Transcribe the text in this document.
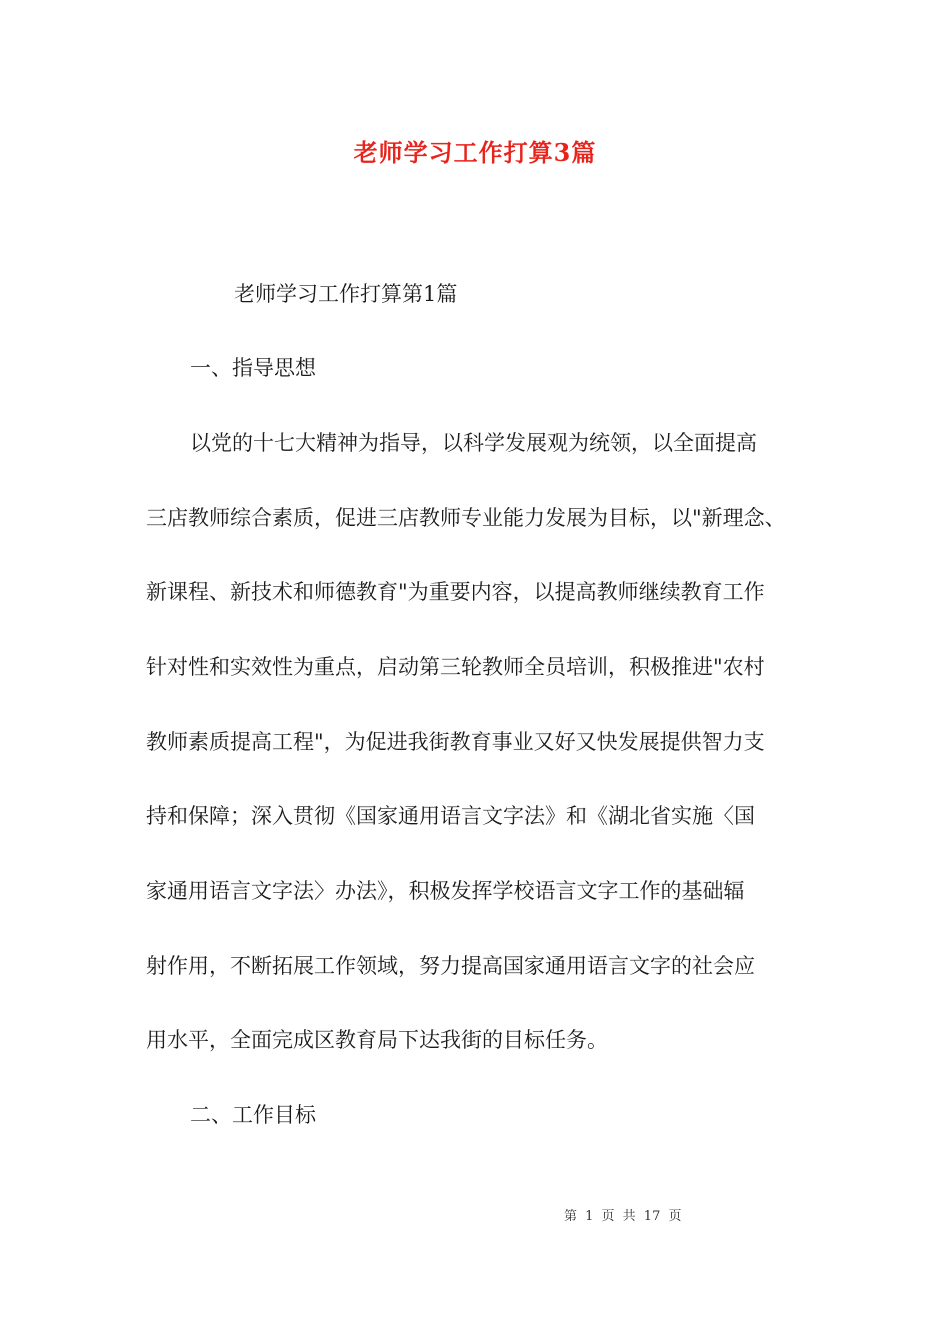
老师学习工作打算3篇
老师学习工作打算第1篇
一、指导思想
以党的十七大精神为指导，以科学发展观为统领，以全面提高
三店教师综合素质，促进三店教师专业能力发展为目标，以"新理念、
新课程、新技术和师德教育"为重要内容，以提高教师继续教育工作
针对性和实效性为重点，启动第三轮教师全员培训，积极推进"农村
教师素质提高工程"，为促进我街教育事业又好又快发展提供智力支
持和保障；深入贯彻《国家通用语言文字法》和《湖北省实施〈国
家通用语言文字法〉办法》，积极发挥学校语言文字工作的基础辐
射作用，不断拓展工作领域，努力提高国家通用语言文字的社会应
用水平，全面完成区教育局下达我街的目标任务。
二、工作目标
第 1 页 共 17 页
